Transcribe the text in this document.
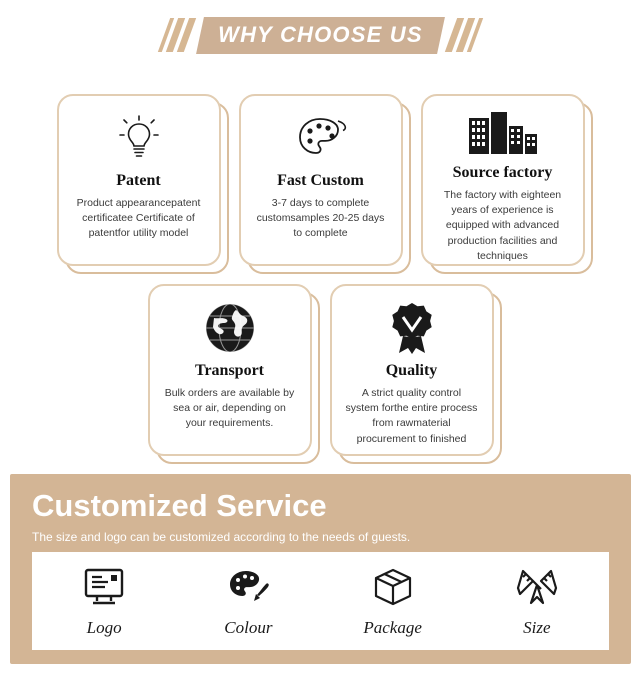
WHY CHOOSE US
Patent
Product appearancepatent certificatee Certificate of patentfor utility model
Fast Custom
3-7 days to complete customsamples 20-25 days to complete
Source factory
The factory with eighteen years of experience is equipped with advanced production facilities and techniques
Transport
Bulk orders are available by sea or air, depending on your requirements.
Quality
A strict quality control system forthe entire process from rawmaterial procurement to finished
Customized Service
The size and logo can be customized according to the needs of guests.
Logo	Colour	Package	Size
